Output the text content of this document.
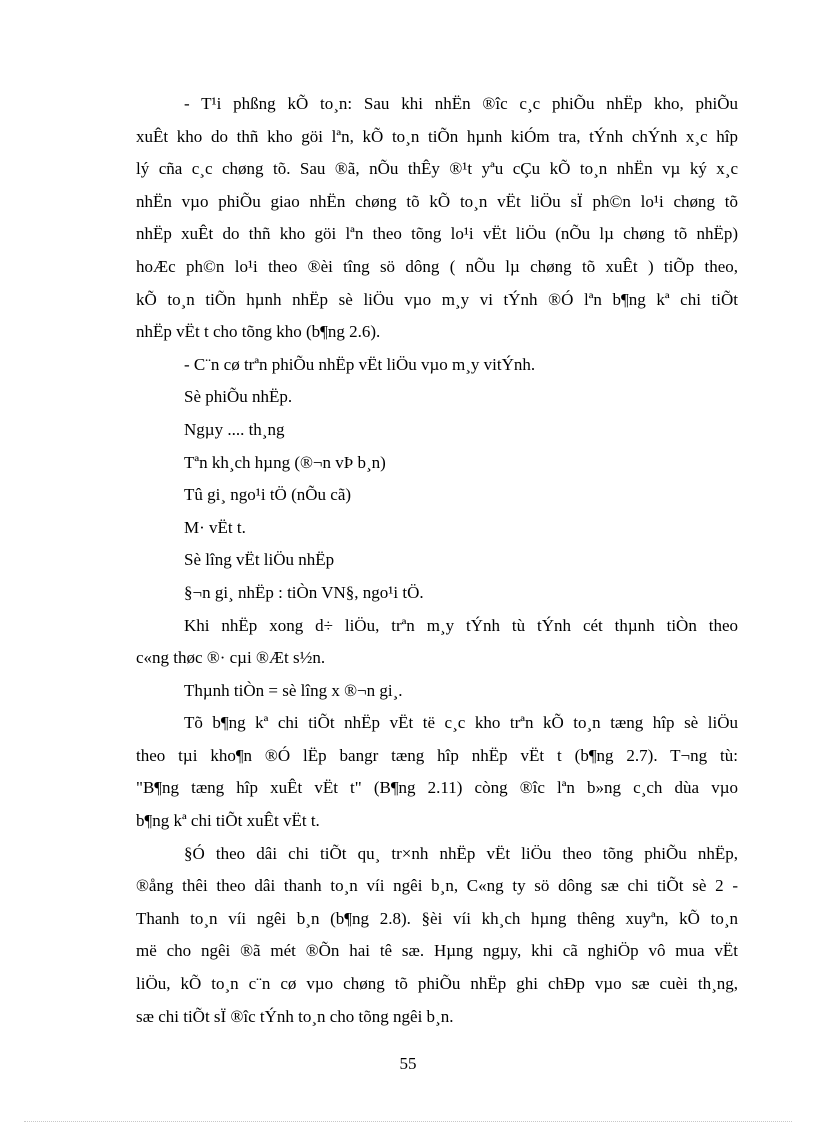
- T¹i phßng kÕ to¸n: Sau khi nhËn ®îc c¸c phiÕu nhËp kho, phiÕu
xuÊt kho do thñ kho göi lªn, kÕ to¸n tiÕn hµnh kiÓm tra, tÝnh chÝnh x¸c hîp
lý cña c¸c chøng tõ. Sau ®ã, nÕu thÊy ®¹t yªu cÇu kÕ to¸n nhËn vµ ký x¸c
nhËn vµo phiÕu giao nhËn chøng tõ kÕ to¸n vËt liÖu sÏ ph©n lo¹i chøng tõ
nhËp xuÊt do thñ kho göi lªn theo tõng lo¹i vËt liÖu (nÕu lµ chøng tõ nhËp)
hoÆc ph©n lo¹i theo ®èi tîng sö dông ( nÕu lµ chøng tõ xuÊt ) tiÕp theo,
kÕ to¸n tiÕn hµnh nhËp sè liÖu vµo m¸y vi tÝnh ®Ó lªn b¶ng kª chi tiÕt
nhËp vËt t cho tõng kho (b¶ng 2.6).
- C¨n cø trªn phiÕu nhËp vËt liÖu vµo m¸y vitÝnh.
Sè phiÕu nhËp.
Ngµy .... th¸ng
Tªn kh¸ch hµng (®¬n vÞ b¸n)
Tû gi¸ ngo¹i tÖ (nÕu cã)
M· vËt t.
Sè lîng vËt liÖu nhËp
§¬n gi¸ nhËp : tiÒn VN§, ngo¹i tÖ.
Khi nhËp xong d÷ liÖu, trªn m¸y tÝnh tù tÝnh cét thµnh tiÒn theo
c«ng thøc ®· cµi ®Æt s½n.
Thµnh tiÒn = sè lîng x ®¬n gi¸.
Tõ b¶ng kª chi tiÕt nhËp vËt të c¸c kho trªn kÕ to¸n tæng hîp sè liÖu
theo tµi kho¶n ®Ó lËp bangr tæng hîp nhËp vËt t (b¶ng 2.7). T¬ng tù:
"B¶ng tæng hîp xuÊt vËt t" (B¶ng 2.11) còng ®îc lªn b»ng c¸ch dùa vµo
b¶ng kª chi tiÕt xuÊt vËt t.
§Ó theo dâi chi tiÕt qu¸ tr×nh nhËp vËt liÖu theo tõng phiÕu nhËp,
®ång thêi theo dâi thanh to¸n víi ngêi b¸n, C«ng ty sö dông sæ chi tiÕt sè 2 -
Thanh to¸n víi ngêi b¸n (b¶ng 2.8). §èi víi kh¸ch hµng thêng xuyªn, kÕ to¸n
më cho ngêi ®ã mét ®Õn hai tê sæ. Hµng ngµy, khi cã nghiÖp vô mua vËt
liÖu, kÕ to¸n c¨n cø vµo chøng tõ phiÕu nhËp ghi chÐp vµo sæ cuèi th¸ng,
sæ chi tiÕt sÏ ®îc tÝnh to¸n cho tõng ngêi b¸n.
55
